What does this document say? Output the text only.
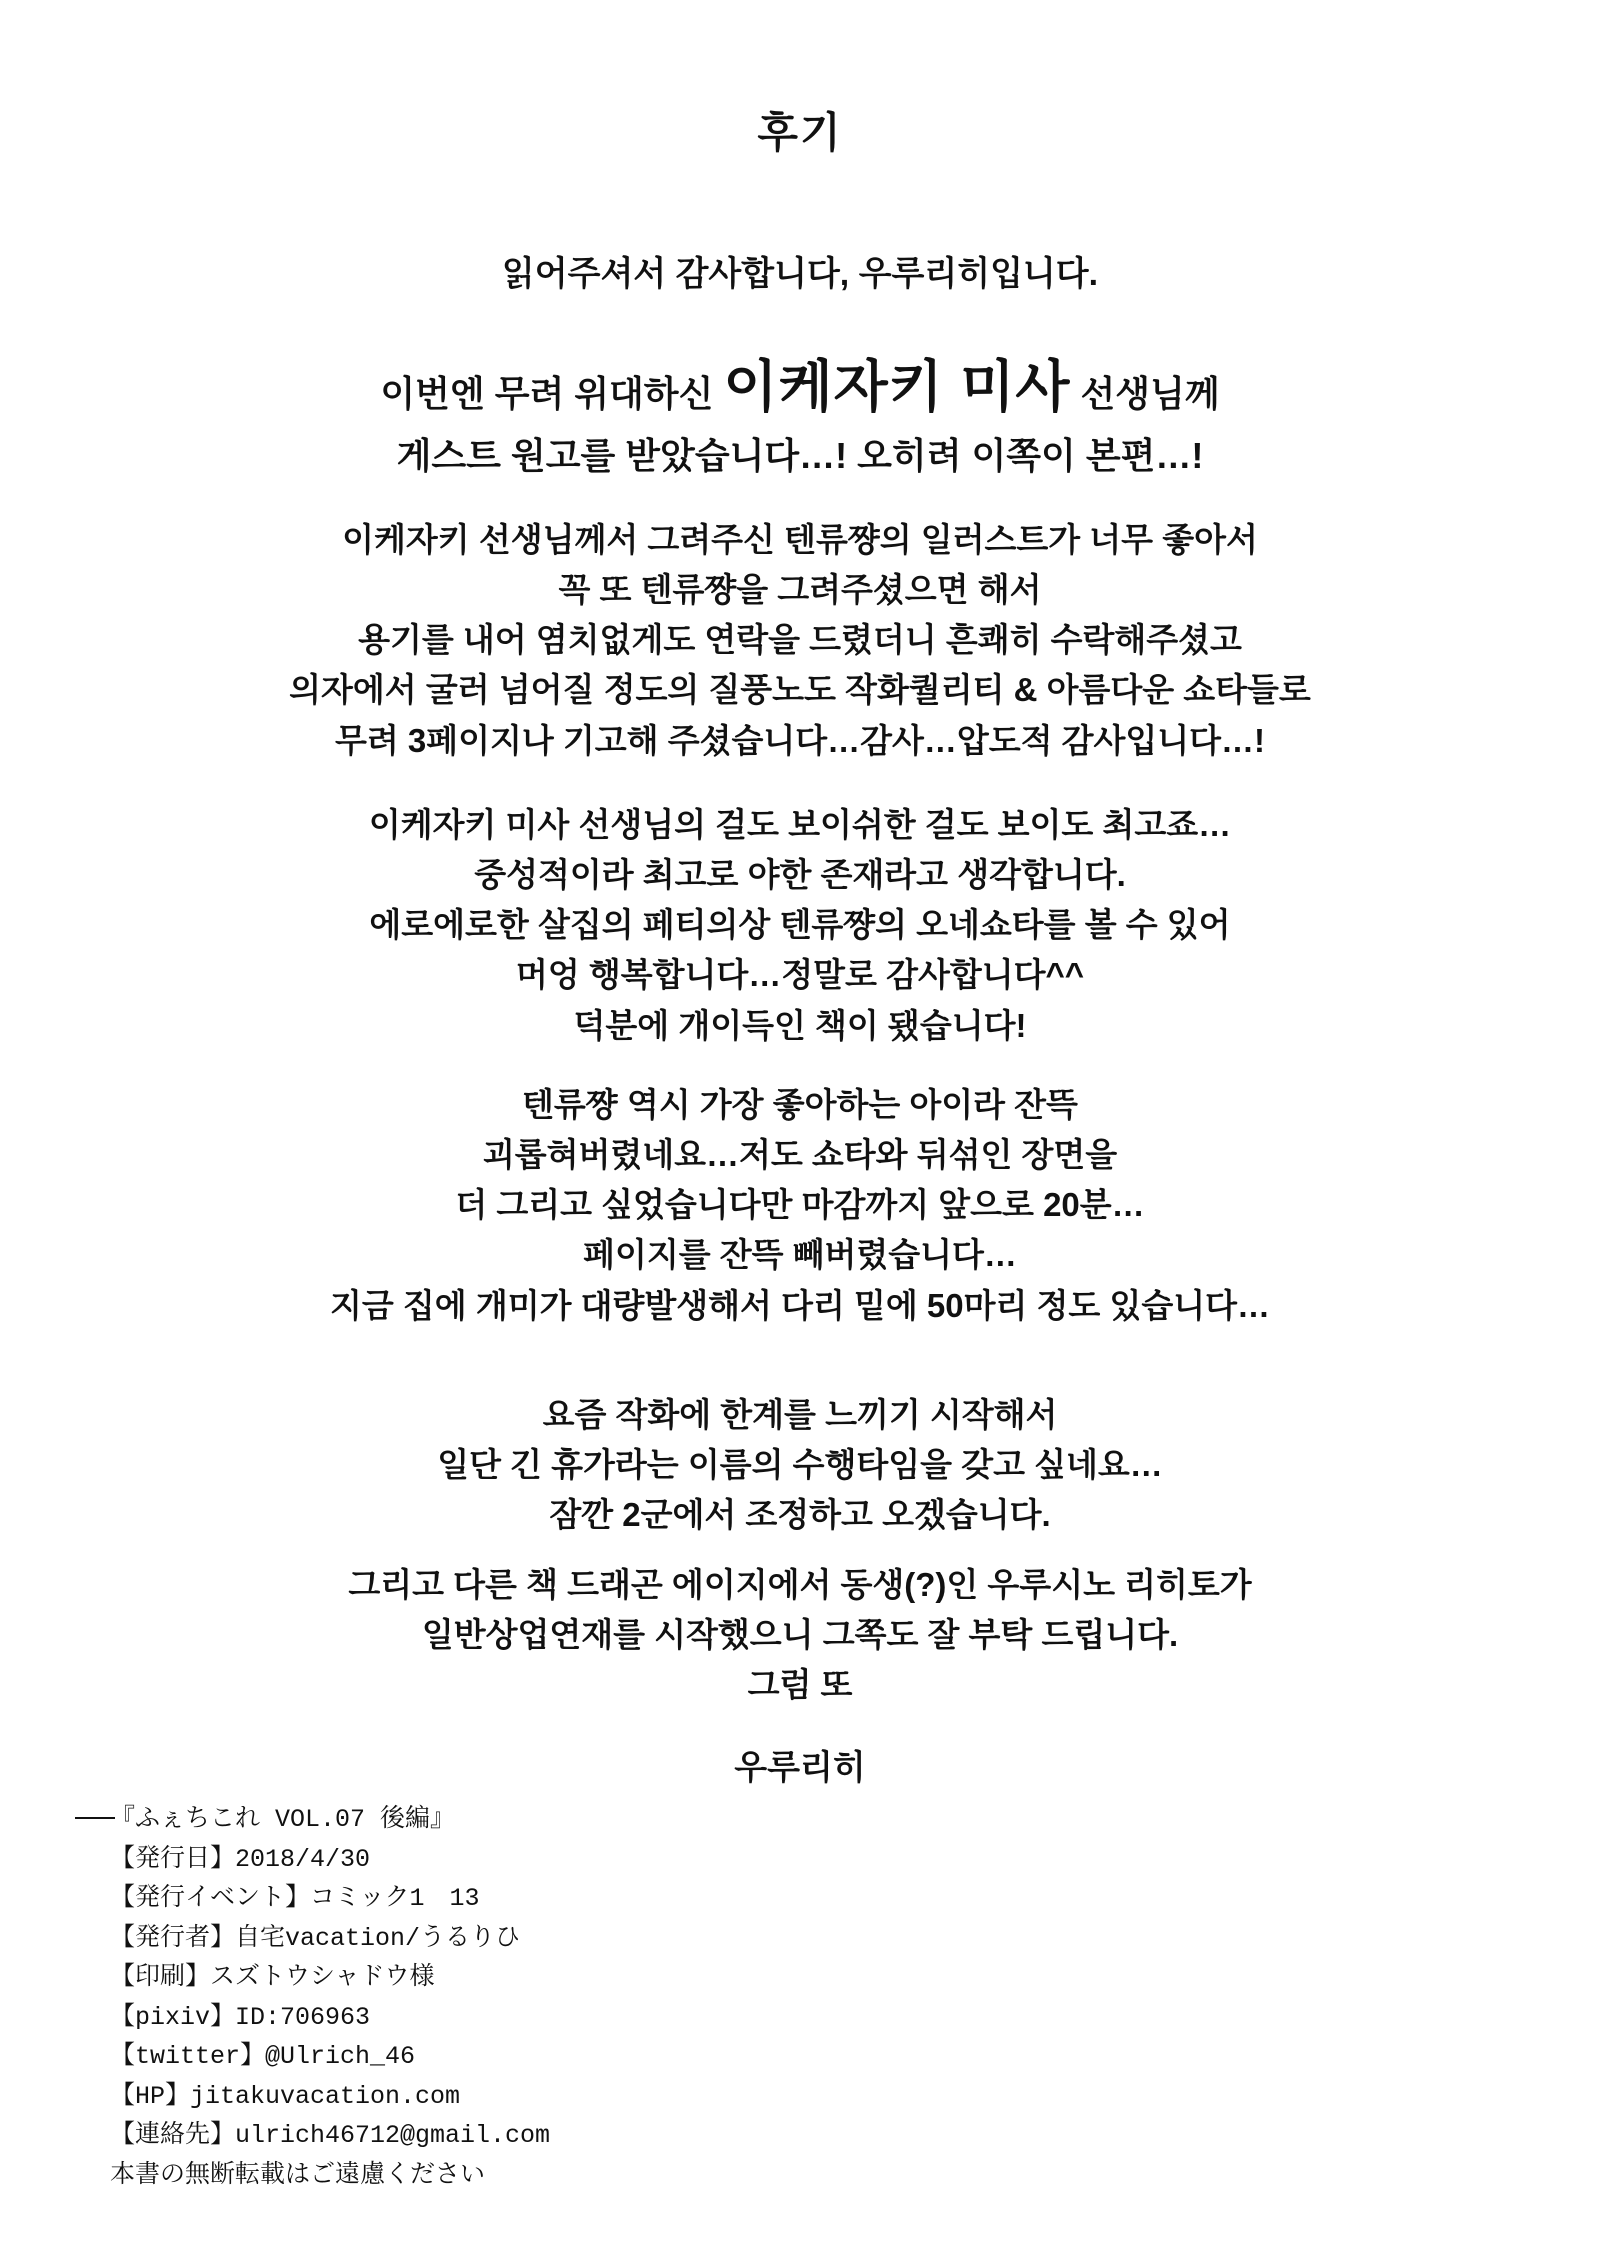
후기
읽어주셔서 감사합니다, 우루리히입니다.
이번엔 무려 위대하신 이케자키 미사 선생님께
게스트 원고를 받았습니다…! 오히려 이쪽이 본편…!
이케자키 선생님께서 그려주신 텐류쨩의 일러스트가 너무 좋아서
꼭 또 텐류쨩을 그려주셨으면 해서
용기를 내어 염치없게도 연락을 드렸더니 흔쾌히 수락해주셨고
의자에서 굴러 넘어질 정도의 질풍노도 작화퀄리티 & 아름다운 쇼타들로
무려 3페이지나 기고해 주셨습니다…감사…압도적 감사입니다…!
이케자키 미사 선생님의 걸도 보이쉬한 걸도 보이도 최고죠…
중성적이라 최고로 야한 존재라고 생각합니다.
에로에로한 살집의 페티의상 텐류쨩의 오네쇼타를 볼 수 있어
머엉 행복합니다…정말로 감사합니다^^
덕분에 개이득인 책이 됐습니다!
텐류쨩 역시 가장 좋아하는 아이라 잔뜩
괴롭혀버렸네요…저도 쇼타와 뒤섞인 장면을
더 그리고 싶었습니다만 마감까지 앞으로 20분…
페이지를 잔뜩 빼버렸습니다…
지금 집에 개미가 대량발생해서 다리 밑에 50마리 정도 있습니다…
요즘 작화에 한계를 느끼기 시작해서
일단 긴 휴가라는 이름의 수행타임을 갖고 싶네요…
잠깐 2군에서 조정하고 오겠습니다.
그리고 다른 책 드래곤 에이지에서 동생(?)인 우루시노 리히토가
일반상업연재를 시작했으니 그쪽도 잘 부탁 드립니다.
그럼 또
우루리히
『ふぇちこれ VOL.07 後編』
【発行日】2018/4/30
【発行イベント】コミック1　13
【発行者】自宅vacation/うるりひ
【印刷】スズトウシャドウ様
【pixiv】ID:706963
【twitter】@Ulrich_46
【HP】jitakuvacation.com
【連絡先】ulrich46712@gmail.com
本書の無断転載はご遠慮ください
